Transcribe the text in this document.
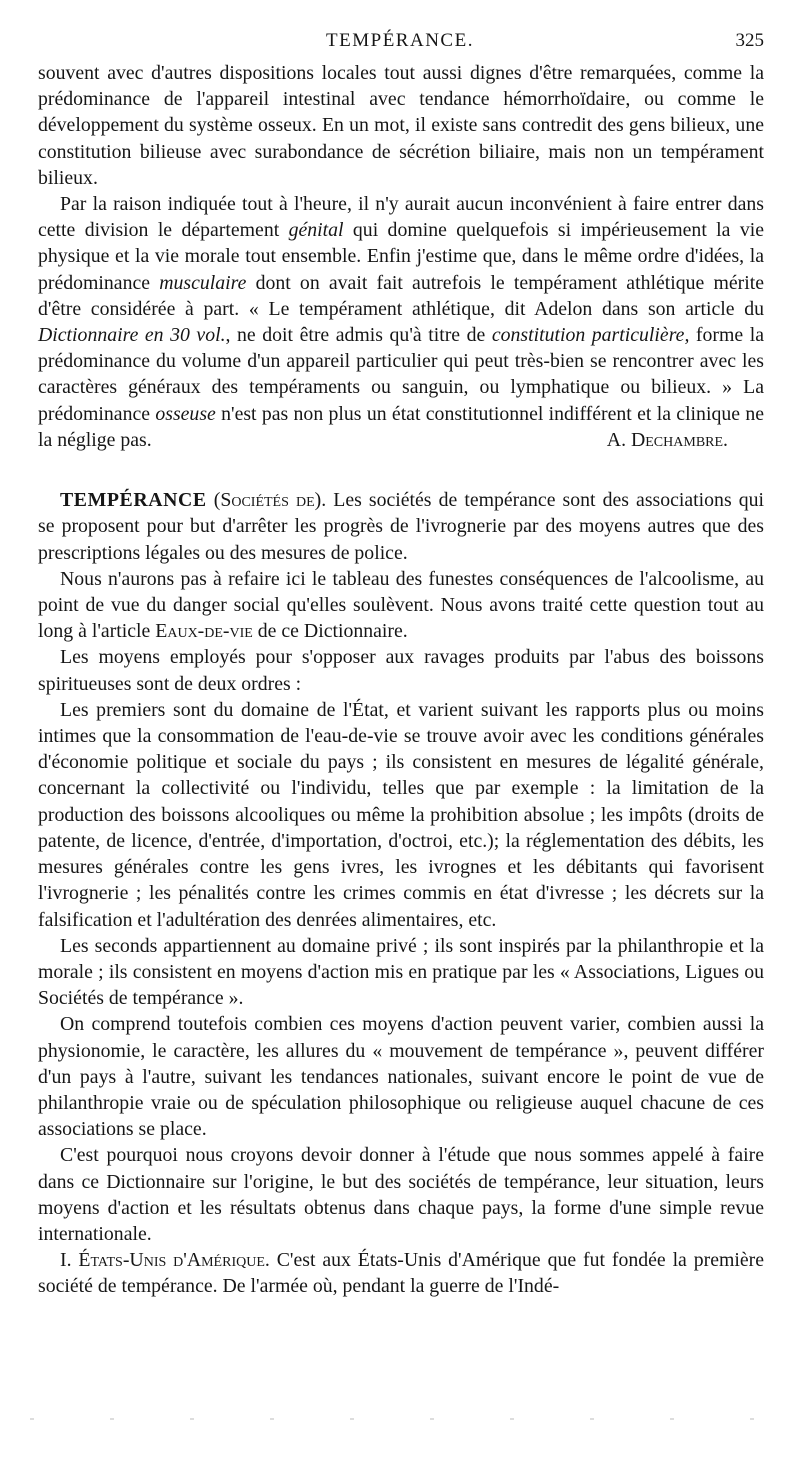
TEMPÉRANCE.	325

souvent avec d'autres dispositions locales tout aussi dignes d'être remarquées, comme la prédominance de l'appareil intestinal avec tendance hémorrhoïdaire, ou comme le développement du système osseux. En un mot, il existe sans contredit des gens bilieux, une constitution bilieuse avec surabondance de sécrétion biliaire, mais non un tempérament bilieux.

Par la raison indiquée tout à l'heure, il n'y aurait aucun inconvénient à faire entrer dans cette division le département génital qui domine quelquefois si impérieusement la vie physique et la vie morale tout ensemble. Enfin j'estime que, dans le même ordre d'idées, la prédominance musculaire dont on avait fait autrefois le tempérament athlétique mérite d'être considérée à part. « Le tempérament athlétique, dit Adelon dans son article du Dictionnaire en 30 vol., ne doit être admis qu'à titre de constitution particulière, forme la prédominance du volume d'un appareil particulier qui peut très-bien se rencontrer avec les caractères généraux des tempéraments ou sanguin, ou lymphatique ou bilieux. » La prédominance osseuse n'est pas non plus un état constitutionnel indifférent et la clinique ne la néglige pas.	A. Dechambre.

TEMPÉRANCE (Sociétés de). Les sociétés de tempérance sont des associations qui se proposent pour but d'arrêter les progrès de l'ivrognerie par des moyens autres que des prescriptions légales ou des mesures de police.

Nous n'aurons pas à refaire ici le tableau des funestes conséquences de l'alcoolisme, au point de vue du danger social qu'elles soulèvent. Nous avons traité cette question tout au long à l'article Eaux-de-vie de ce Dictionnaire.

Les moyens employés pour s'opposer aux ravages produits par l'abus des boissons spiritueuses sont de deux ordres :

Les premiers sont du domaine de l'État, et varient suivant les rapports plus ou moins intimes que la consommation de l'eau-de-vie se trouve avoir avec les conditions générales d'économie politique et sociale du pays ; ils consistent en mesures de légalité générale, concernant la collectivité ou l'individu, telles que par exemple : la limitation de la production des boissons alcooliques ou même la prohibition absolue ; les impôts (droits de patente, de licence, d'entrée, d'importation, d'octroi, etc.); la réglementation des débits, les mesures générales contre les gens ivres, les ivrognes et les débitants qui favorisent l'ivrognerie ; les pénalités contre les crimes commis en état d'ivresse ; les décrets sur la falsification et l'adultération des denrées alimentaires, etc.

Les seconds appartiennent au domaine privé ; ils sont inspirés par la philanthropie et la morale ; ils consistent en moyens d'action mis en pratique par les « Associations, Ligues ou Sociétés de tempérance ».

On comprend toutefois combien ces moyens d'action peuvent varier, combien aussi la physionomie, le caractère, les allures du « mouvement de tempérance », peuvent différer d'un pays à l'autre, suivant les tendances nationales, suivant encore le point de vue de philanthropie vraie ou de spéculation philosophique ou religieuse auquel chacune de ces associations se place.

C'est pourquoi nous croyons devoir donner à l'étude que nous sommes appelé à faire dans ce Dictionnaire sur l'origine, le but des sociétés de tempérance, leur situation, leurs moyens d'action et les résultats obtenus dans chaque pays, la forme d'une simple revue internationale.

I. États-Unis d'Amérique. C'est aux États-Unis d'Amérique que fut fondée la première société de tempérance. De l'armée où, pendant la guerre de l'Indé-
